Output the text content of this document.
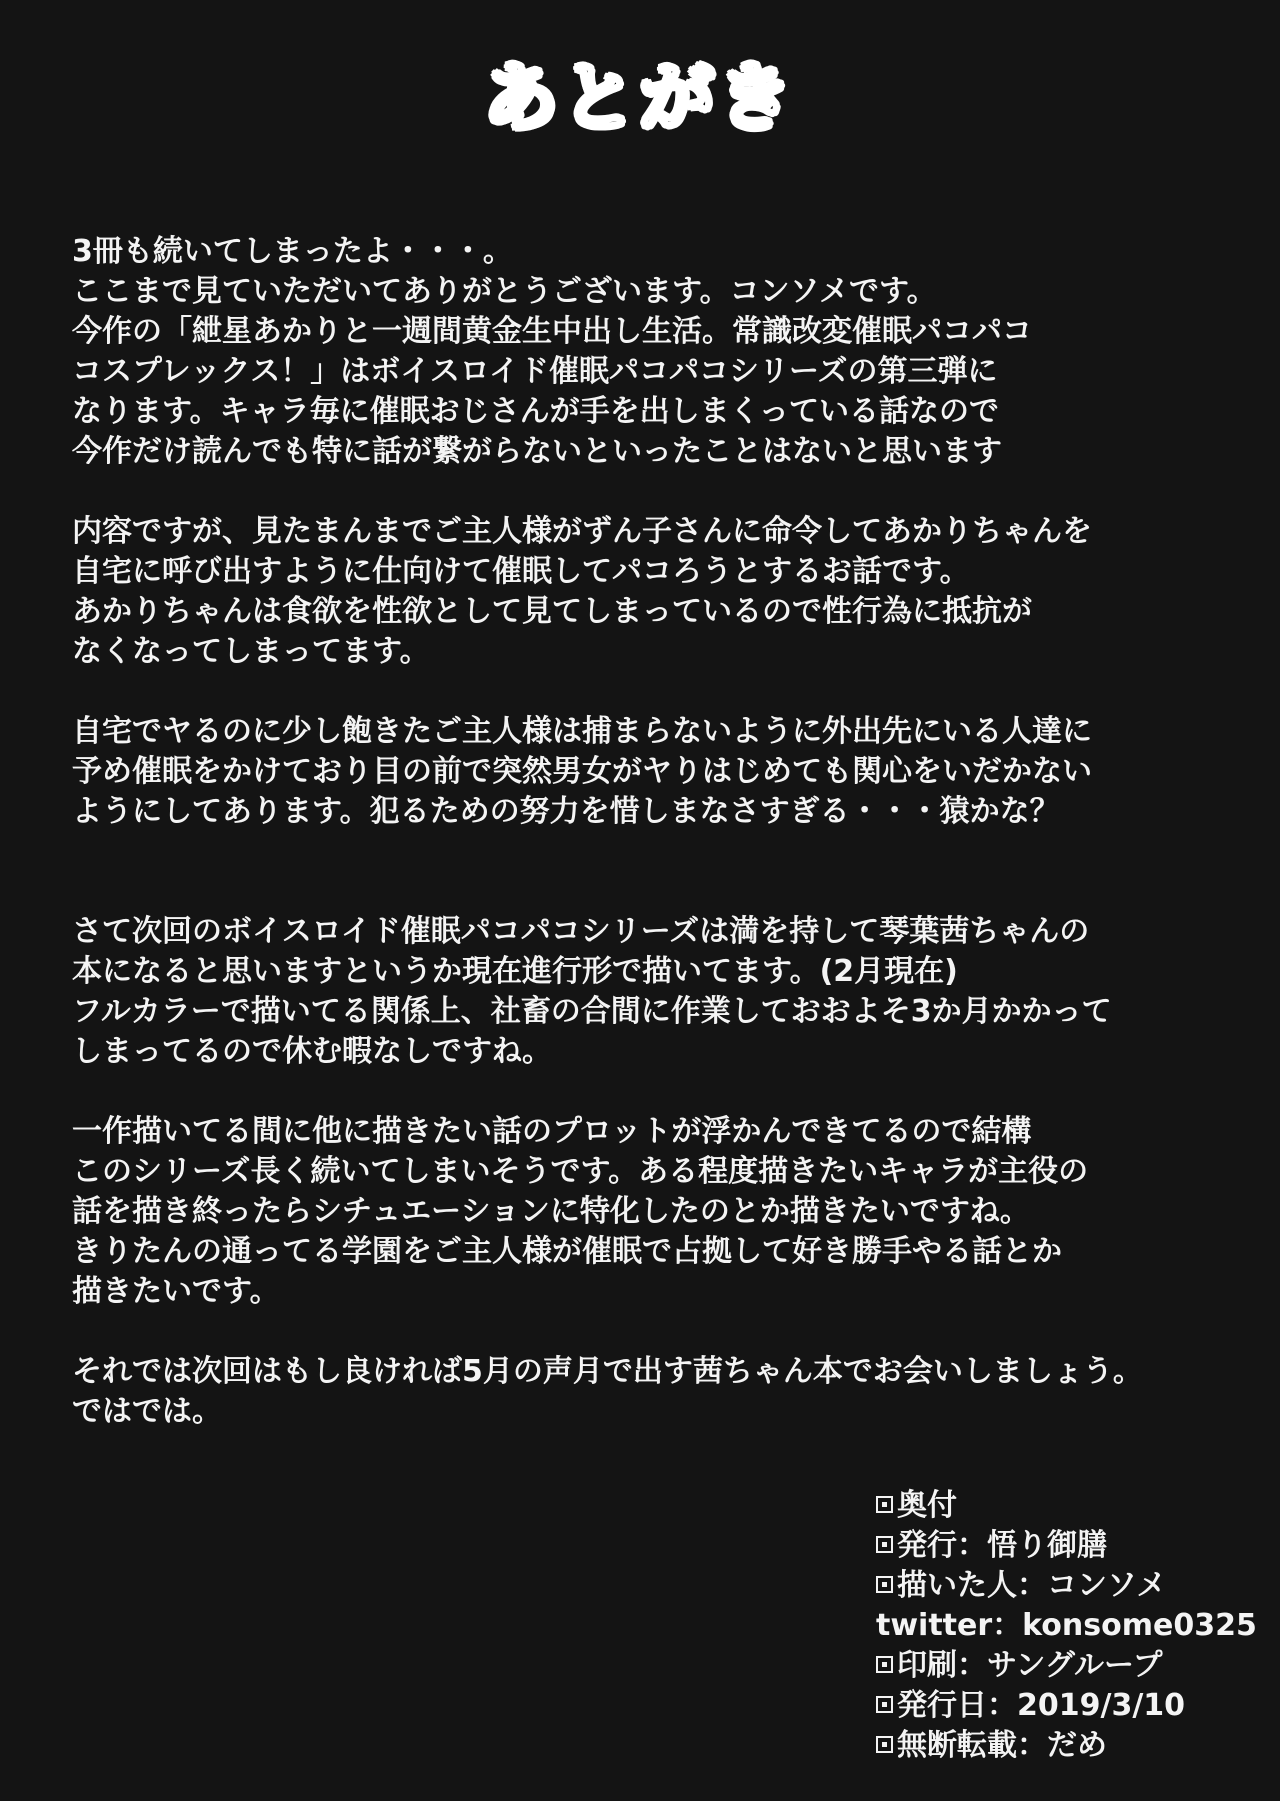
あとがき

3冊も続いてしまったよ・・・。
ここまで見ていただいてありがとうございます。コンソメです。
今作の「紲星あかりと一週間黄金生中出し生活。常識改変催眠パコパコ
コスプレックス！」はボイスロイド催眠パコパコシリーズの第三弾に
なります。キャラ毎に催眠おじさんが手を出しまくっている話なので
今作だけ読んでも特に話が繋がらないといったことはないと思います

内容ですが、見たまんまでご主人様がずん子さんに命令してあかりちゃんを
自宅に呼び出すように仕向けて催眠してパコろうとするお話です。
あかりちゃんは食欲を性欲として見てしまっているので性行為に抵抗が
なくなってしまってます。

自宅でヤるのに少し飽きたご主人様は捕まらないように外出先にいる人達に
予め催眠をかけており目の前で突然男女がヤりはじめても関心をいだかない
ようにしてあります。犯るための努力を惜しまなさすぎる・・・猿かな？

さて次回のボイスロイド催眠パコパコシリーズは満を持して琴葉茜ちゃんの
本になると思いますというか現在進行形で描いてます。(2月現在)
フルカラーで描いてる関係上、社畜の合間に作業しておおよそ3か月かかって
しまってるので休む暇なしですね。

一作描いてる間に他に描きたい話のプロットが浮かんできてるので結構
このシリーズ長く続いてしまいそうです。ある程度描きたいキャラが主役の
話を描き終ったらシチュエーションに特化したのとか描きたいですね。
きりたんの通ってる学園をご主人様が催眠で占拠して好き勝手やる話とか
描きたいです。

それでは次回はもし良ければ5月の声月で出す茜ちゃん本でお会いしましょう。
ではでは。

奥付
発行：悟り御膳
描いた人：コンソメ
twitter：konsome0325
印刷：サングループ
発行日：2019/3/10
無断転載：だめ
